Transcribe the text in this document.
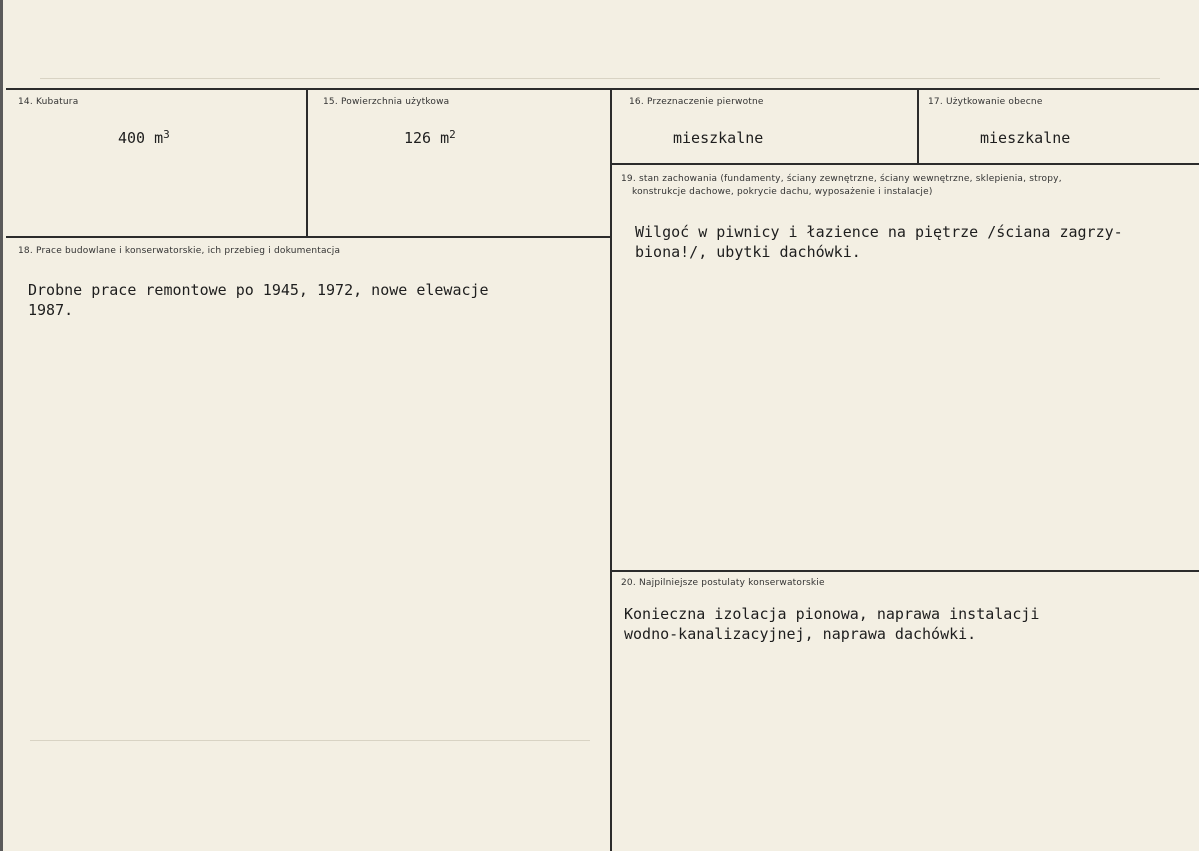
14. Kubatura
400 $m^3$
15. Powierzchnia użytkowa
126 $m^2$
16. Przeznaczenie pierwotne
mieszkalne
17. Użytkowanie obecne
mieszkalne
18. Prace budowlane i konserwatorskie, ich przebieg i dokumentacja
Drobne prace remontowe po 1945, 1972, nowe elewacje
1987.
19. stan zachowania (fundamenty, ściany zewnętrzne, ściany wewnętrzne, sklepienia, stropy,
konstrukcje dachowe, pokrycie dachu, wyposażenie i instalacje)
Wilgoć w piwnicy i łazience na piętrze /ściana zagrzy-
biona!/, ubytki dachówki.
20. Najpilniejsze postulaty konserwatorskie
Konieczna izolacja pionowa, naprawa instalacji
wodno-kanalizacyjnej, naprawa dachówki.
